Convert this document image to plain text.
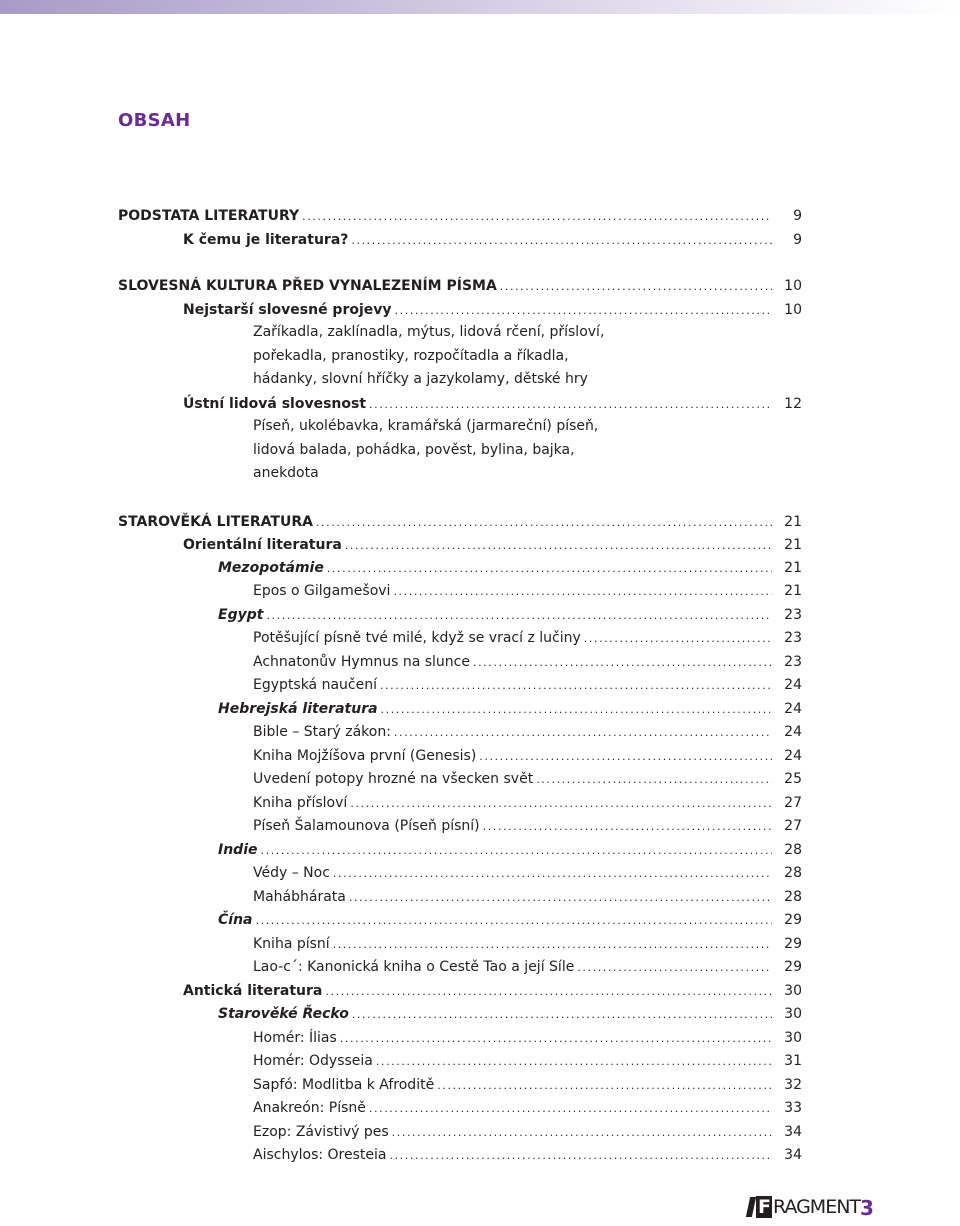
OBSAH
PODSTATA LITERATURY .....	9
K čemu je literatura? .....	9
SLOVESNÁ KULTURA PŘED VYNALEZENÍM PÍSMA .....	10
Nejstarší slovesné projevy .....	10
Zaříkadla, zaklínadla, mýtus, lidová rčení, přísloví,
pořekadla, pranostiky, rozpočítadla a říkadla,
hádanky, slovní hříčky a jazykolamy, dětské hry
Ústní lidová slovesnost .....	12
Píseň, ukolébavka, kramářská (jarmareční) píseň,
lidová balada, pohádka, pověst, bylina, bajka,
anekdota
STAROVĚKÁ LITERATURA .....	21
Orientální literatura .....	21
Mezopotámie .....	21
Epos o Gilgamešovi .....	21
Egypt .....	23
Potěšující písně tvé milé, když se vrací z lučiny .....	23
Achnatonův Hymnus na slunce .....	23
Egyptská naučení .....	24
Hebrejská literatura .....	24
Bible – Starý zákon: .....	24
Kniha Mojžíšova první (Genesis) .....	24
Uvedení potopy hrozné na všecken svět .....	25
Kniha přísloví .....	27
Píseň Šalamounova (Píseň písní) .....	27
Indie .....	28
Védy – Noc .....	28
Mahábhárata .....	28
Čína .....	29
Kniha písní .....	29
Lao-c´: Kanonická kniha o Cestě Tao a její Síle .....	29
Antická literatura .....	30
Starověké Řecko .....	30
Homér: Ílias .....	30
Homér: Odysseia .....	31
Sapfó: Modlitba k Afroditě .....	32
Anakreón: Písně .....	33
Ezop: Závistivý pes .....	34
Aischylos: Oresteia .....	34
F RAGMENT 3
